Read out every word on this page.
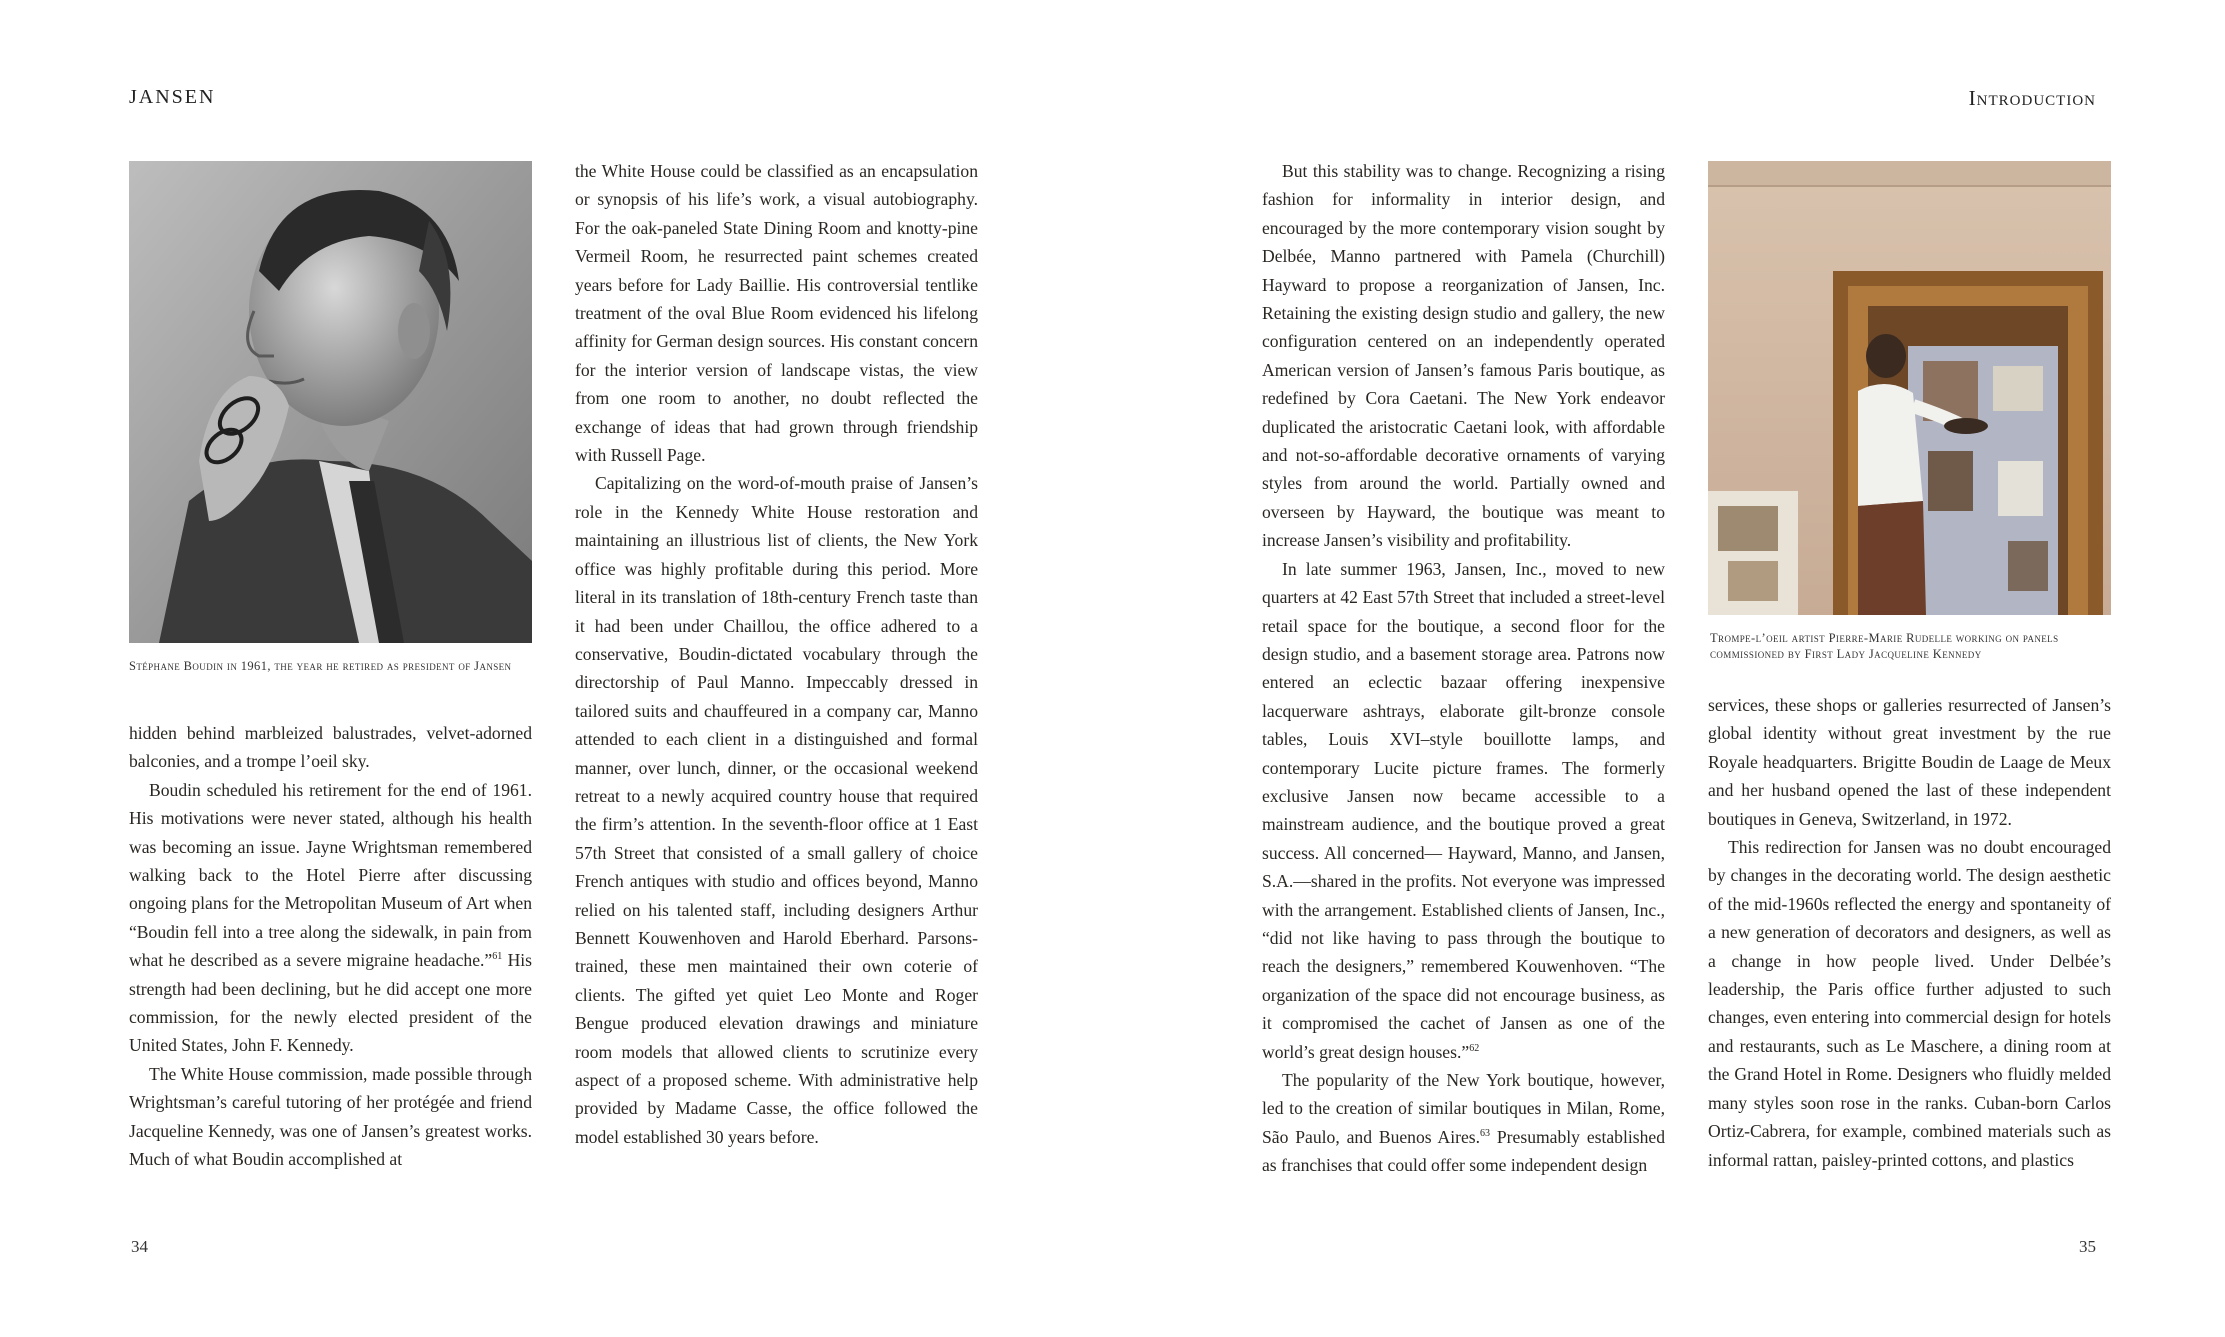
JANSEN
Stéphane Boudin in 1961, the year he retired as president of Jansen

hidden behind marbleized balustrades, velvet-adorned balconies, and a trompe l’oeil sky.

Boudin scheduled his retirement for the end of 1961. His motivations were never stated, although his health was becoming an issue. Jayne Wrightsman remembered walking back to the Hotel Pierre after discussing ongoing plans for the Metropolitan Museum of Art when “Boudin fell into a tree along the sidewalk, in pain from what he described as a severe migraine headache.”$^{61}$ His strength had been declining, but he did accept one more commission, for the newly elected president of the United States, John F. Kennedy.

The White House commission, made possible through Wrightsman’s careful tutoring of her protégée and friend Jacqueline Kennedy, was one of Jansen’s greatest works. Much of what Boudin accomplished at

the White House could be classified as an encapsulation or synopsis of his life’s work, a visual autobiography. For the oak-paneled State Dining Room and knotty-pine Vermeil Room, he resurrected paint schemes created years before for Lady Baillie. His controversial tentlike treatment of the oval Blue Room evidenced his lifelong affinity for German design sources. His constant concern for the interior version of landscape vistas, the view from one room to another, no doubt reflected the exchange of ideas that had grown through friendship with Russell Page.

Capitalizing on the word-of-mouth praise of Jansen’s role in the Kennedy White House restoration and maintaining an illustrious list of clients, the New York office was highly profitable during this period. More literal in its translation of 18th-century French taste than it had been under Chaillou, the office adhered to a conservative, Boudin-dictated vocabulary through the directorship of Paul Manno. Impeccably dressed in tailored suits and chauffeured in a company car, Manno attended to each client in a distinguished and formal manner, over lunch, dinner, or the occasional weekend retreat to a newly acquired country house that required the firm’s attention. In the seventh-floor office at 1 East 57th Street that consisted of a small gallery of choice French antiques with studio and offices beyond, Manno relied on his talented staff, including designers Arthur Bennett Kouwenhoven and Harold Eberhard. Parsons-trained, these men maintained their own coterie of clients. The gifted yet quiet Leo Monte and Roger Bengue produced elevation drawings and miniature room models that allowed clients to scrutinize every aspect of a proposed scheme. With administrative help provided by Madame Casse, the office followed the model established 30 years before.

34
Introduction

But this stability was to change. Recognizing a rising fashion for informality in interior design, and encouraged by the more contemporary vision sought by Delbée, Manno partnered with Pamela (Churchill) Hayward to propose a reorganization of Jansen, Inc. Retaining the existing design studio and gallery, the new configuration centered on an independently operated American version of Jansen’s famous Paris boutique, as redefined by Cora Caetani. The New York endeavor duplicated the aristocratic Caetani look, with affordable and not-so-affordable decorative ornaments of varying styles from around the world. Partially owned and overseen by Hayward, the boutique was meant to increase Jansen’s visibility and profitability.

In late summer 1963, Jansen, Inc., moved to new quarters at 42 East 57th Street that included a street-level retail space for the boutique, a second floor for the design studio, and a basement storage area. Patrons now entered an eclectic bazaar offering inexpensive lacquerware ashtrays, elaborate gilt-bronze console tables, Louis XVI–style bouillotte lamps, and contemporary Lucite picture frames. The formerly exclusive Jansen now became accessible to a mainstream audience, and the boutique proved a great success. All concerned— Hayward, Manno, and Jansen, S.A.—shared in the profits. Not everyone was impressed with the arrangement. Established clients of Jansen, Inc., “did not like having to pass through the boutique to reach the designers,” remembered Kouwenhoven. “The organization of the space did not encourage business, as it compromised the cachet of Jansen as one of the world’s great design houses.”$^{62}$

The popularity of the New York boutique, however, led to the creation of similar boutiques in Milan, Rome, São Paulo, and Buenos Aires.$^{63}$ Presumably established as franchises that could offer some independent design

Trompe-l’oeil artist Pierre-Marie Rudelle working on panels commissioned by First Lady Jacqueline Kennedy

services, these shops or galleries resurrected of Jansen’s global identity without great investment by the rue Royale headquarters. Brigitte Boudin de Laage de Meux and her husband opened the last of these independent boutiques in Geneva, Switzerland, in 1972.

This redirection for Jansen was no doubt encouraged by changes in the decorating world. The design aesthetic of the mid-1960s reflected the energy and spontaneity of a new generation of decorators and designers, as well as a change in how people lived. Under Delbée’s leadership, the Paris office further adjusted to such changes, even entering into commercial design for hotels and restaurants, such as Le Maschere, a dining room at the Grand Hotel in Rome. Designers who fluidly melded many styles soon rose in the ranks. Cuban-born Carlos Ortiz-Cabrera, for example, combined materials such as informal rattan, paisley-printed cottons, and plastics

35
